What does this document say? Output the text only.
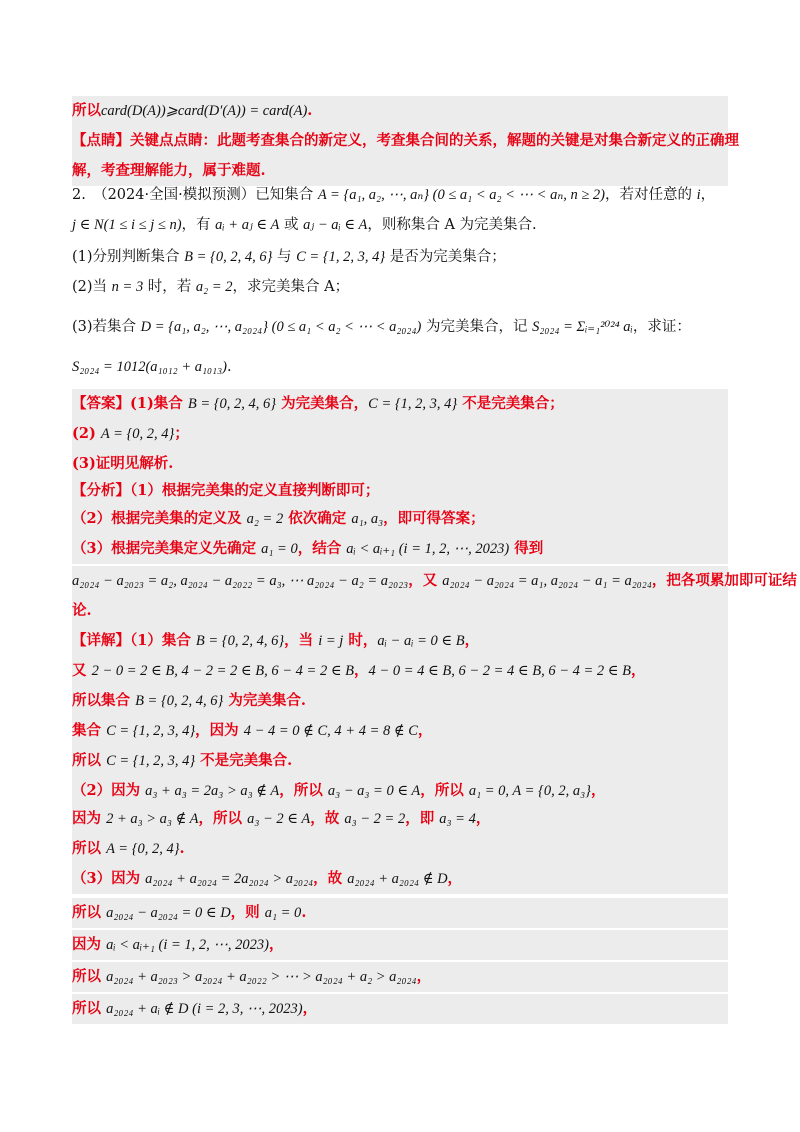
所以card(D(A))⩾card(D′(A)) = card(A).
【点睛】关键点点睛：此题考查集合的新定义，考查集合间的关系，解题的关键是对集合新定义的正确理
解，考查理解能力，属于难题.
2.　（2024·全国·模拟预测）已知集合 A = {a₁, a₂, ⋯, aₙ} (0 ≤ a₁ < a₂ < ⋯ < aₙ, n ≥ 2)，若对任意的 i，
j ∈ N(1 ≤ i ≤ j ≤ n)，有 aᵢ + aⱼ ∈ A 或 aⱼ − aᵢ ∈ A，则称集合 A 为完美集合.
(1)分别判断集合 B = {0, 2, 4, 6} 与 C = {1, 2, 3, 4} 是否为完美集合；
(2)当 n = 3 时，若 a₂ = 2，求完美集合 A；
(3)若集合 D = {a₁, a₂, ⋯, a₂₀₂₄} (0 ≤ a₁ < a₂ < ⋯ < a₂₀₂₄) 为完美集合，记 S₂₀₂₄ = Σᵢ₌₁²⁰²⁴ aᵢ，求证：
S₂₀₂₄ = 1012(a₁₀₁₂ + a₁₀₁₃).
【答案】(1)集合 B = {0, 2, 4, 6} 为完美集合，C = {1, 2, 3, 4} 不是完美集合；
(2) A = {0, 2, 4}；
(3)证明见解析.
【分析】（1）根据完美集的定义直接判断即可；
（2）根据完美集的定义及 a₂ = 2 依次确定 a₁, a₃，即可得答案；
（3）根据完美集定义先确定 a₁ = 0，结合 aᵢ < aᵢ₊₁ (i = 1, 2, ⋯, 2023) 得到
a₂₀₂₄ − a₂₀₂₃ = a₂, a₂₀₂₄ − a₂₀₂₂ = a₃, ⋯ a₂₀₂₄ − a₂ = a₂₀₂₃，又 a₂₀₂₄ − a₂₀₂₄ = a₁, a₂₀₂₄ − a₁ = a₂₀₂₄，把各项累加即可证结
论.
【详解】（1）集合 B = {0, 2, 4, 6}，当 i = j 时，aᵢ − aᵢ = 0 ∈ B，
又 2 − 0 = 2 ∈ B, 4 − 2 = 2 ∈ B, 6 − 4 = 2 ∈ B，4 − 0 = 4 ∈ B, 6 − 2 = 4 ∈ B, 6 − 4 = 2 ∈ B，
所以集合 B = {0, 2, 4, 6} 为完美集合.
集合 C = {1, 2, 3, 4}，因为 4 − 4 = 0 ∉ C, 4 + 4 = 8 ∉ C，
所以 C = {1, 2, 3, 4} 不是完美集合.
（2）因为 a₃ + a₃ = 2a₃ > a₃ ∉ A，所以 a₃ − a₃ = 0 ∈ A，所以 a₁ = 0, A = {0, 2, a₃}，
因为 2 + a₃ > a₃ ∉ A，所以 a₃ − 2 ∈ A，故 a₃ − 2 = 2，即 a₃ = 4，
所以 A = {0, 2, 4}.
（3）因为 a₂₀₂₄ + a₂₀₂₄ = 2a₂₀₂₄ > a₂₀₂₄，故 a₂₀₂₄ + a₂₀₂₄ ∉ D，
所以 a₂₀₂₄ − a₂₀₂₄ = 0 ∈ D，则 a₁ = 0.
因为 aᵢ < aᵢ₊₁ (i = 1, 2, ⋯, 2023)，
所以 a₂₀₂₄ + a₂₀₂₃ > a₂₀₂₄ + a₂₀₂₂ > ⋯ > a₂₀₂₄ + a₂ > a₂₀₂₄，
所以 a₂₀₂₄ + aᵢ ∉ D (i = 2, 3, ⋯, 2023)，
